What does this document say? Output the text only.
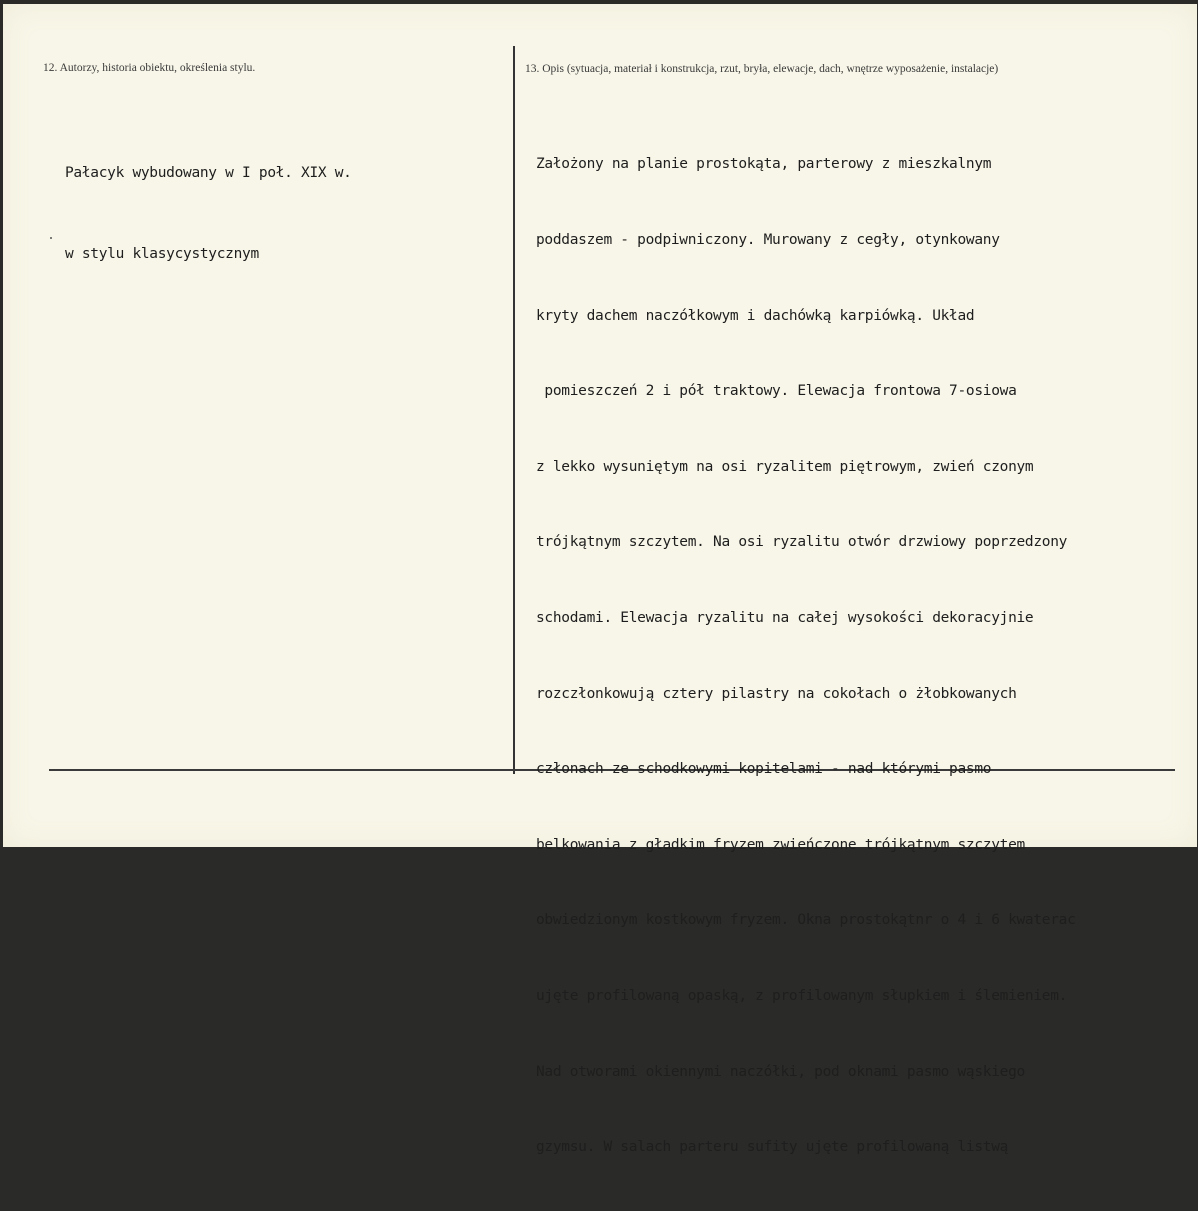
12. Autorzy, historia obiektu, określenia stylu.	13. Opis (sytuacja, materiał i konstrukcja, rzut, bryła, elewacje, dach, wnętrze wyposażenie, instalacje)

Pałacyk wybudowany w I poł. XIX w.

w stylu klasycystycznym

Założony na planie prostokąta, parterowy z mieszkalnym

poddaszem - podpiwniczony. Murowany z cegły, otynkowany

kryty dachem naczółkowym i dachówką karpiówką. Układ

pomieszczeń 2 i pół traktowy. Elewacja frontowa 7-osiowa

z lekko wysuniętym na osi ryzalitem piętrowym, zwień czonym

trójkątnym szczytem. Na osi ryzalitu otwór drzwiowy poprzedzony

schodami. Elewacja ryzalitu na całej wysokości dekoracyjnie

rozczłonkowują cztery pilastry na cokołach o żłobkowanych

członach ze schodkowymi kopitelami - nad którymi pasmo

belkowania z gładkim fryzem zwieńczone trójkątnym szczytem

obwiedzionym kostkowym fryzem. Okna prostokątnr o 4 i 6 kwaterac

ujęte profilowaną opaską, z profilowanym słupkiem i ślemieniem.

Nad otworami okiennymi naczółki, pod oknami pasmo wąskiego

gzymsu. W salach parteru sufity ujęte profilowaną listwą
